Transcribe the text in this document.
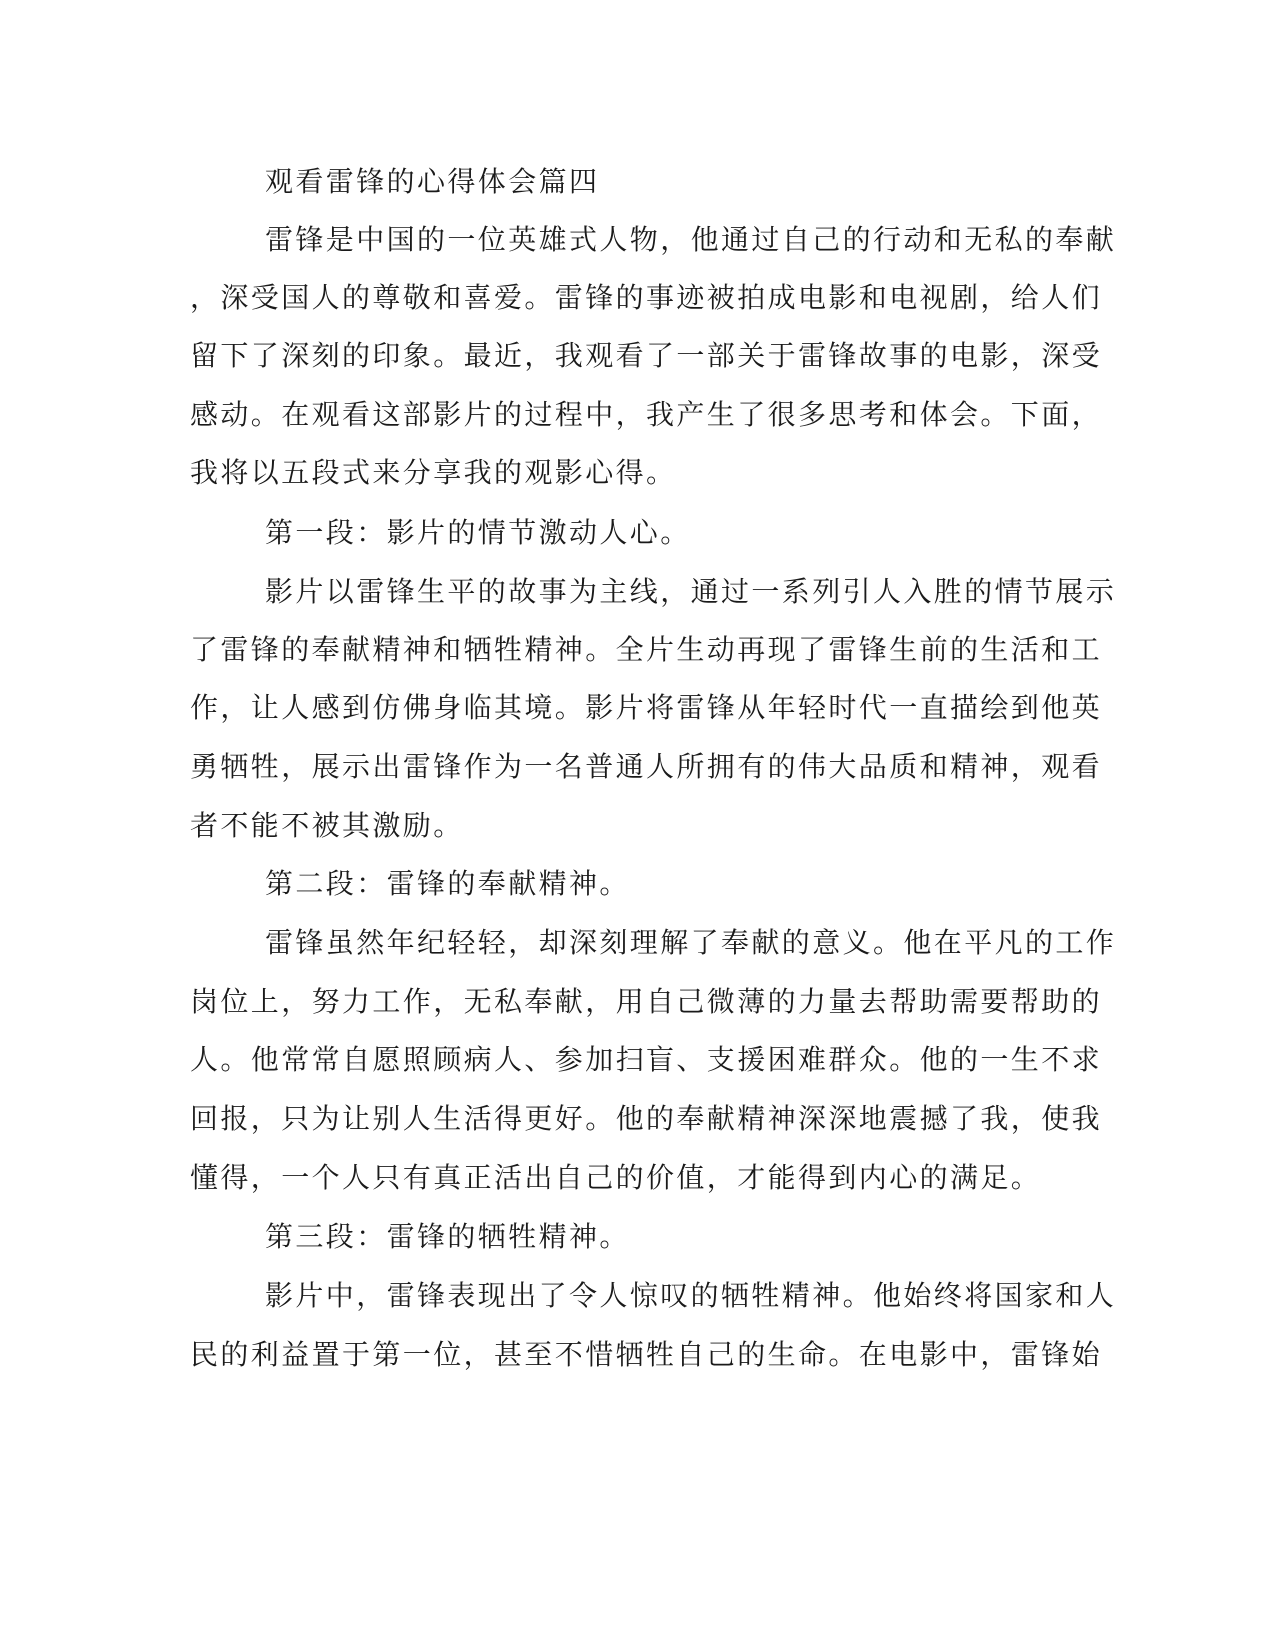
观看雷锋的心得体会篇四
雷锋是中国的一位英雄式人物，他通过自己的行动和无私的奉献
，深受国人的尊敬和喜爱。雷锋的事迹被拍成电影和电视剧，给人们
留下了深刻的印象。最近，我观看了一部关于雷锋故事的电影，深受
感动。在观看这部影片的过程中，我产生了很多思考和体会。下面，
我将以五段式来分享我的观影心得。
第一段：影片的情节激动人心。
影片以雷锋生平的故事为主线，通过一系列引人入胜的情节展示
了雷锋的奉献精神和牺牲精神。全片生动再现了雷锋生前的生活和工
作，让人感到仿佛身临其境。影片将雷锋从年轻时代一直描绘到他英
勇牺牲，展示出雷锋作为一名普通人所拥有的伟大品质和精神，观看
者不能不被其激励。
第二段：雷锋的奉献精神。
雷锋虽然年纪轻轻，却深刻理解了奉献的意义。他在平凡的工作
岗位上，努力工作，无私奉献，用自己微薄的力量去帮助需要帮助的
人。他常常自愿照顾病人、参加扫盲、支援困难群众。他的一生不求
回报，只为让别人生活得更好。他的奉献精神深深地震撼了我，使我
懂得，一个人只有真正活出自己的价值，才能得到内心的满足。
第三段：雷锋的牺牲精神。
影片中，雷锋表现出了令人惊叹的牺牲精神。他始终将国家和人
民的利益置于第一位，甚至不惜牺牲自己的生命。在电影中，雷锋始
